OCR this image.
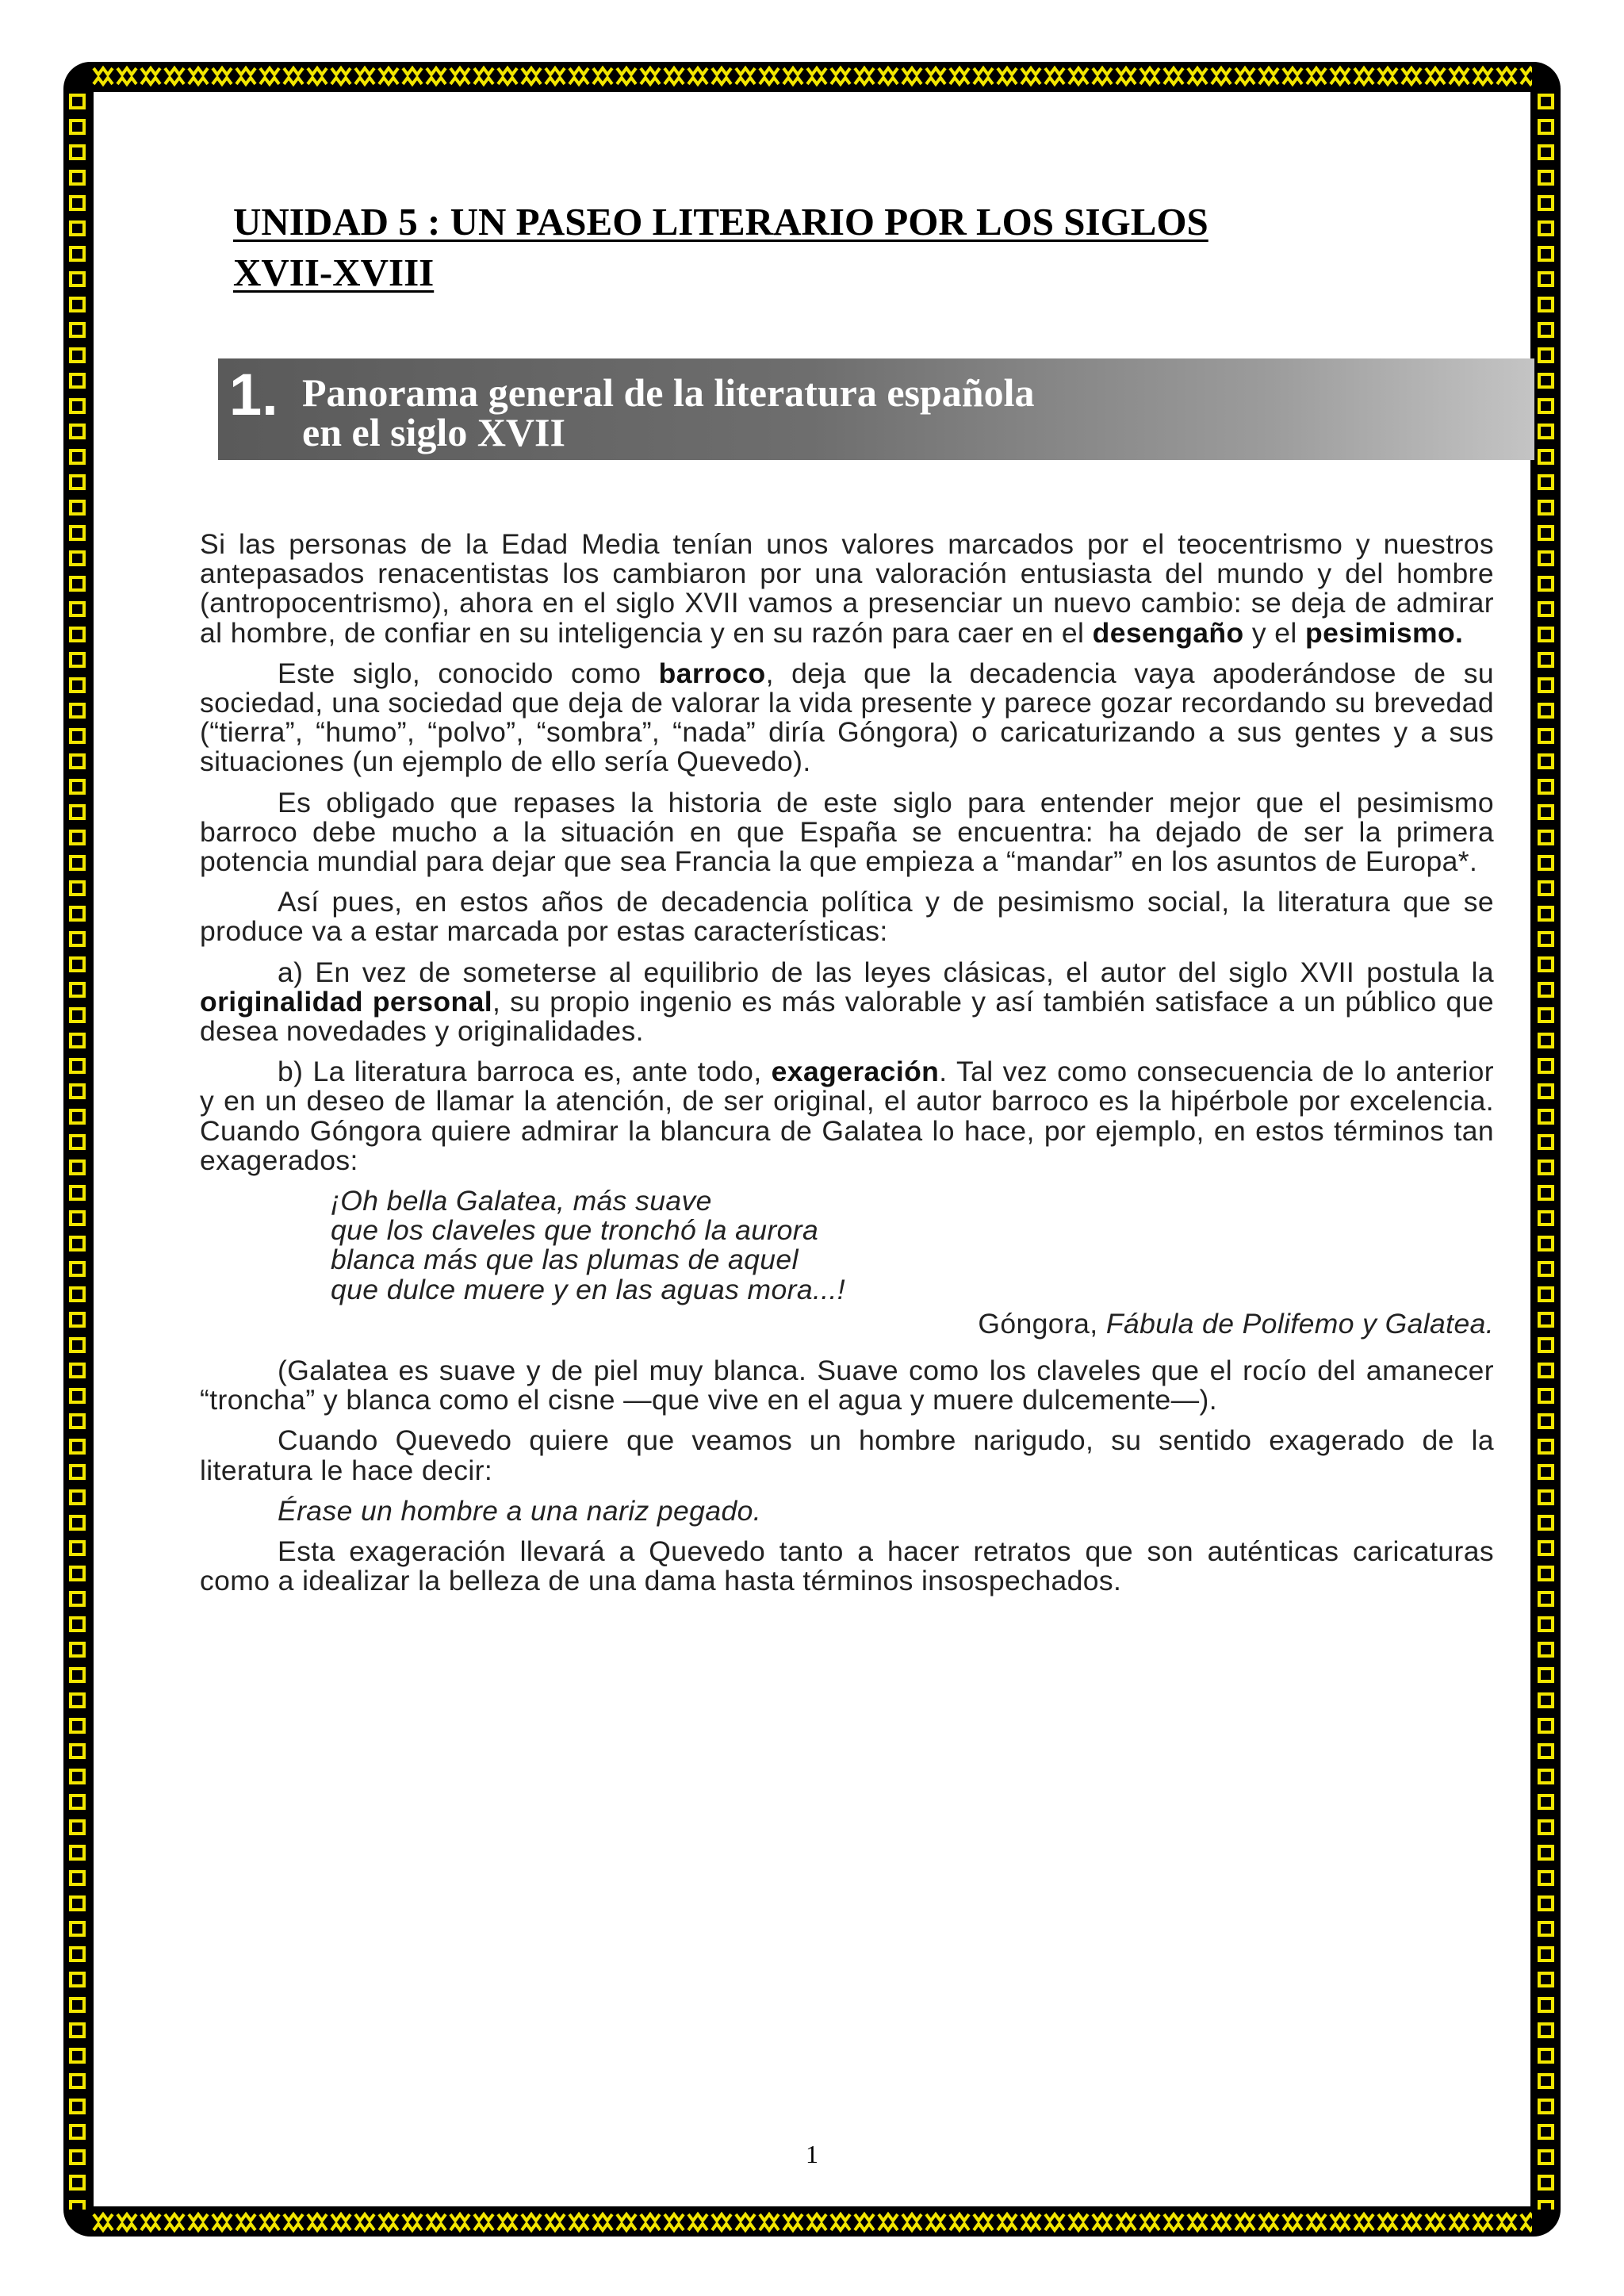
UNIDAD 5 : UN PASEO LITERARIO POR LOS SIGLOS
XVII-XVIII
1. Panorama general de la literatura española
en el siglo XVII

Si las personas de la Edad Media tenían unos valores marcados por el teocentrismo y nuestros antepasados renacentistas los cambiaron por una valoración entusiasta del mundo y del hombre (antropocentrismo), ahora en el siglo XVII vamos a presenciar un nuevo cambio: se deja de admirar al hombre, de confiar en su inteligencia y en su razón para caer en el desengaño y el pesimismo.

Este siglo, conocido como barroco, deja que la decadencia vaya apoderándose de su sociedad, una sociedad que deja de valorar la vida presente y parece gozar recordando su brevedad (“tierra”, “humo”, “polvo”, “sombra”, “nada” diría Góngora) o caricaturizando a sus gentes y a sus situaciones (un ejemplo de ello sería Quevedo).

Es obligado que repases la historia de este siglo para entender mejor que el pesimismo barroco debe mucho a la situación en que España se encuentra: ha dejado de ser la primera potencia mundial para dejar que sea Francia la que empieza a “mandar” en los asuntos de Europa*.

Así pues, en estos años de decadencia política y de pesimismo social, la literatura que se produce va a estar marcada por estas características:

a) En vez de someterse al equilibrio de las leyes clásicas, el autor del siglo XVII postula la originalidad personal, su propio ingenio es más valorable y así también satisface a un público que desea novedades y originalidades.

b) La literatura barroca es, ante todo, exageración. Tal vez como consecuencia de lo anterior y en un deseo de llamar la atención, de ser original, el autor barroco es la hipérbole por excelencia. Cuando Góngora quiere admirar la blancura de Galatea lo hace, por ejemplo, en estos términos tan exagerados:

¡Oh bella Galatea, más suave
que los claveles que tronchó la aurora
blanca más que las plumas de aquel
que dulce muere y en las aguas mora...!
Góngora, Fábula de Polifemo y Galatea.

(Galatea es suave y de piel muy blanca. Suave como los claveles que el rocío del amanecer “troncha” y blanca como el cisne —que vive en el agua y muere dulcemente—).

Cuando Quevedo quiere que veamos un hombre narigudo, su sentido exagerado de la literatura le hace decir:

Érase un hombre a una nariz pegado.

Esta exageración llevará a Quevedo tanto a hacer retratos que son auténticas caricaturas como a idealizar la belleza de una dama hasta términos insospechados.

1
